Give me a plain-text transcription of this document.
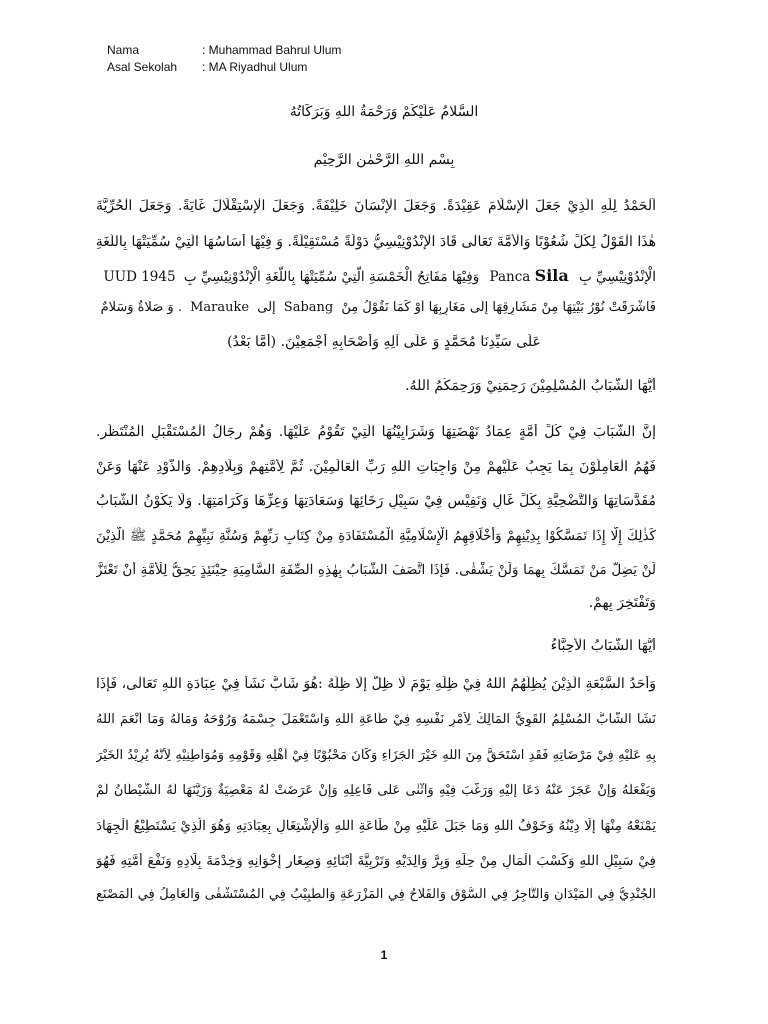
Nama	: Muhammad Bahrul Ulum
Asal Sekolah	: MA Riyadhul Ulum
السَّلامُ عَلَيْكُمْ وَرَحْمَةُ اللهِ وَبَرَكَاتُهُ
بِسْمِ اللهِ الرَّحْمٰنِ الرَّحِيْمِ
اَلْحَمْدُ لِلّٰهِ الَّذِيْ جَعَلَ الْإِسْلَامَ عَقِيْدَةً. وَجَعَلَ الْإِنْسَانَ خَلِيْفَةً. وَجَعَلَ الْإِسْتِقْلَالَ غَايَةً. وَجَعَلَ الْحُرِّيَّةَ
هٰذَا الْقَوْلُ لِكُلِّ شُعُوْبًا وَالْأُمَّةَ تَعَالٰى قَادَ الْإِنْدُوْنِيْسِيُّ دَوْلَةً مُسْتَقِيْلَةً. وَ فِيْهَا أَسَاسُهَا الَّتِيْ سُمِّيَتْهَا بِاللُّغَةِ
الْإِنْدُوْنِيْسِيِّ بِ Panca Sila وَفِيْهَا مَفَاتِحُ الْخَمْسَةِ الَّتِيْ سُمِّيَتْهَا بِاللُّغَةِ الْإِنْدُوْنِيْسِيِّ بِ UUD 1945
فَأَشْرَقَتْ نُوْرُ بَيْتِهَا مِنْ مَشَارِقِهَا إِلَى مَغَارِبِهَا أَوْ كَمَا نَقُوْلُ مِنْ Sabang إلى Marauke . وَ صَلَاةٌ وَسَلَامٌ
عَلَى سَيِّدِنَا مُحَمَّدٍ وَ عَلَى آلِهِ وَأَصْحَابِهِ أَجْمَعِيْنَ. (أَمَّا بَعْدُ)
أَيُّهَا الشَّبَابُ الْمُسْلِمِيْنَ رَحِمَنِيْ وَرَحِمَكُمُ اللهُ.
إِنَّ الشَّبَابَ فِيْ كُلِّ أُمَّةٍ عِمَادُ نَهْضَتِهَا وَشَرَايِيْنُهَا الَّتِيْ تَقُوْمُ عَلَيْهَا. وَهُمْ رِجَالُ الْمُسْتَقْبَلِ الْمُنْتَظَرِ.
فَهُمُ الْعَامِلُوْنَ بِمَا يَجِبُ عَلَيْهِمْ مِنْ وَاجِبَاتِ اللهِ رَبِّ الْعَالَمِيْنَ. ثُمَّ لِأُمَّتِهِمْ وَبِلَادِهِمْ. وَالذَّوْدِ عَنْهَا وَعَنْ
مُقَدَّسَاتِهَا وَالتَّضْحِيَّةِ بِكُلِّ غَالٍ وَنَفِيْسٍ فِيْ سَبِيْلِ رَخَائِهَا وَسَعَادَتِهَا وَعِزِّهَا وَكَرَامَتِهَا. وَلَا يَكُوْنُ الشَّبَابُ
كَذٰلِكَ إِلَّا إِذَا تَمَسَّكُوْا بِدِيْنِهِمْ وَأَخْلَاقِهِمُ الْإِسْلَامِيَّةِ الْمُسْتَفَادَةِ مِنْ كِتَابِ رَبِّهِمْ وَسُنَّةِ نَبِيِّهِمْ مُحَمَّدٍ ﷺ الَّذِيْنَ
لَنْ يَضِلَّ مَنْ تَمَسَّكَ بِهِمَا وَلَنْ يَشْقٰى. فَإِذَا اتَّصَفَ الشَّبَابُ بِهٰذِهِ الصِّفَةِ السَّامِيَةِ حِيْنَئِذٍ يَحِقُّ لِلْأُمَّةِ أَنْ تَعْتَزَّ
وَتَفْتَخِرَ بِهِمْ.
أَيُّهَا الشَّبَابُ الْأَحِبَّاءُ
وَأَحَدُ السَّبْعَةِ الَّذِيْنَ يُظِلُّهُمُ اللهُ فِيْ ظِلِّهِ يَوْمَ لَا ظِلَّ إِلَّا ظِلُّهُ :هُوَ شَابٌّ نَشَأَ فِيْ عِبَادَةِ اللهِ تَعَالٰى، فَإِذَا
نَشَأَ الشَّابُّ الْمُسْلِمُ الْقَوِيُّ الْمَالِكُ لِأَمْرِ نَفْسِهِ فِيْ طَاعَةِ اللهِ وَاسْتَعْمَلَ جِسْمَهُ وَرُوْحَهُ وَمَالَهُ وَمَا أَنْعَمَ اللهُ
بِهِ عَلَيْهِ فِيْ مَرْضَاتِهِ فَقَدِ اسْتَحَقَّ مِنَ اللهِ خَيْرَ الْجَزَاءِ وَكَانَ مَحْبُوْبًا فِيْ أَهْلِهِ وَقَوْمِهِ وَمُوَاطِنِيْهِ لِأَنَّهُ يُرِيْدُ الْخَيْرَ
وَيَفْعَلُهُ وَإِنْ عَجَزَ عَنْهُ دَعَا إِلَيْهِ وَرَغَّبَ فِيْهِ وَأَثْنٰى عَلٰى فَاعِلِهِ وَإِنْ عَرَضَتْ لَهُ مَعْصِيَةٌ وَزَيَّنَهَا لَهُ الشَّيْطَانُ لَمْ
يَمْنَعْهُ مِنْهَا إِلَّا دِيْنُهُ وَخَوْفُ اللهِ وَمَا جَبَلَ عَلَيْهِ مِنْ طَاعَةِ اللهِ وَالْإِشْتِغَالِ بِعِبَادَتِهِ وَهُوَ الَّذِيْ يَسْتَطِيْعُ الْجِهَادَ
فِيْ سَبِيْلِ اللهِ وَكَسْبَ الْمَالِ مِنْ حِلِّهِ وَبِرَّ وَالِدَيْهِ وَتَرْبِيَّةَ أَبْنَائِهِ وَصِغَارِ إِخْوَانِهِ وَخِدْمَةَ بِلَادِهِ وَنَفْعَ أُمَّتِهِ فَهُوَ
الْجُنْدِيُّ فِي الْمَيْدَانِ وَالتَّاجِرُ فِي السُّوْقِ وَالْفَلَّاحُ فِي الْمَزْرَعَةِ وَالطَّبِيْبُ فِي الْمُسْتَشْفٰى وَالْعَامِلُ فِي الْمَصْنَعِ
1
